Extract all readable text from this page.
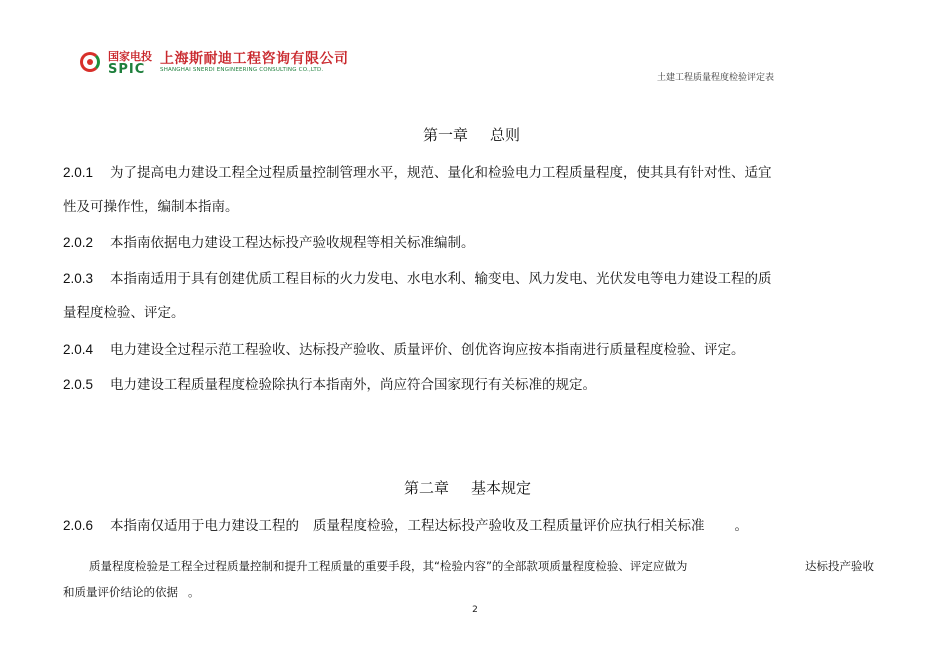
国家电投
SPIC
上海斯耐迪工程咨询有限公司
SHANGHAI SNERDI ENGINEERING CONSULTING CO.,LTD.
土建工程质量程度检验评定表
第一章 总则
2.0.1 为了提高电力建设工程全过程质量控制管理水平，规范、量化和检验电力工程质量程度，使其具有针对性、适宜
性及可操作性，编制本指南。
2.0.2 本指南依据电力建设工程达标投产验收规程等相关标准编制。
2.0.3 本指南适用于具有创建优质工程目标的火力发电、水电水利、输变电、风力发电、光伏发电等电力建设工程的质
量程度检验、评定。
2.0.4 电力建设全过程示范工程验收、达标投产验收、质量评价、创优咨询应按本指南进行质量程度检验、评定。
2.0.5 电力建设工程质量程度检验除执行本指南外，尚应符合国家现行有关标准的规定。
第二章 基本规定
2.0.6 本指南仅适用于电力建设工程的 质量程度检验，工程达标投产验收及工程质量评价应执行相关标准 。
质量程度检验是工程全过程质量控制和提升工程质量的重要手段，其“检验内容”的全部款项质量程度检验、评定应做为	达标投产验收
和质量评价结论的依据 。
2
